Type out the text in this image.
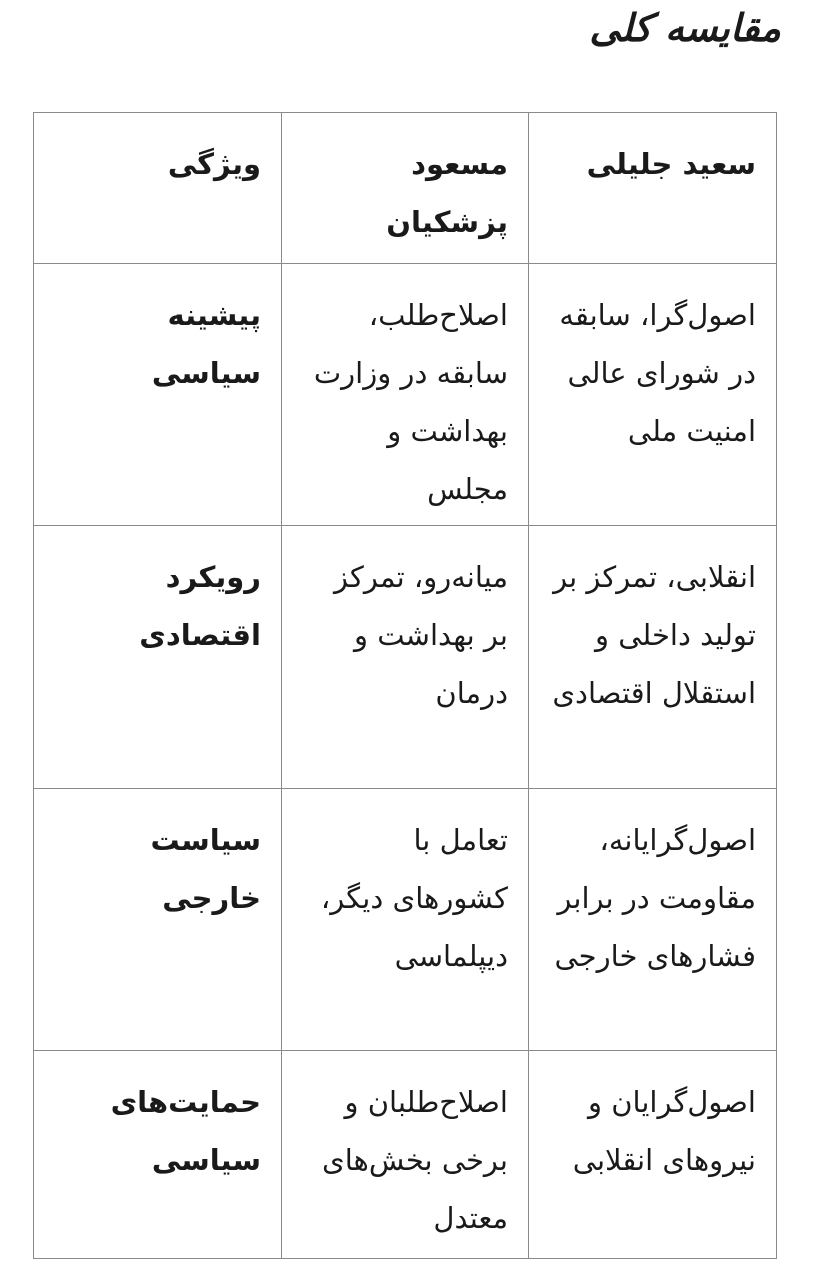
مقایسه کلی
سعید جلیلی	مسعود پزشکیان	ویژگی
اصول‌گرا، سابقه در شورای عالی امنیت ملی	اصلاح‌طلب، سابقه در وزارت بهداشت و مجلس	پیشینه سیاسی
انقلابی، تمرکز بر تولید داخلی و استقلال اقتصادی	میانه‌رو، تمرکز بر بهداشت و درمان	رویکرد اقتصادی
اصول‌گرایانه، مقاومت در برابر فشارهای خارجی	تعامل با کشورهای دیگر، دیپلماسی	سیاست خارجی
اصول‌گرایان و نیروهای انقلابی	اصلاح‌طلبان و برخی بخش‌های معتدل	حمایت‌های سیاسی
